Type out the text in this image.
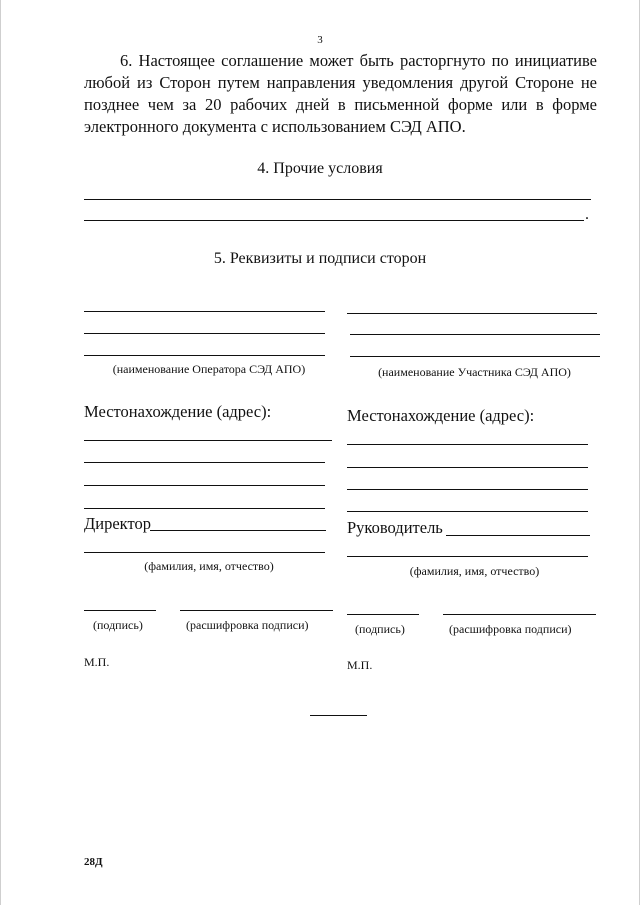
3

6. Настоящее соглашение может быть расторгнуто по инициативе любой из Сторон путем направления уведомления другой Стороне не позднее чем за 20 рабочих дней в письменной форме или в форме электронного документа с использованием СЭД АПО.

4. Прочие условия
.
5. Реквизиты и подписи сторон
(наименование Оператора СЭД АПО)
Местонахождение (адрес):
Директор
(фамилия, имя, отчество)
(подпись)	(расшифровка подписи)
М.П.
(наименование Участника СЭД АПО)
Местонахождение (адрес):
Руководитель
(фамилия, имя, отчество)
(подпись)	(расшифровка подписи)
М.П.
28Д
